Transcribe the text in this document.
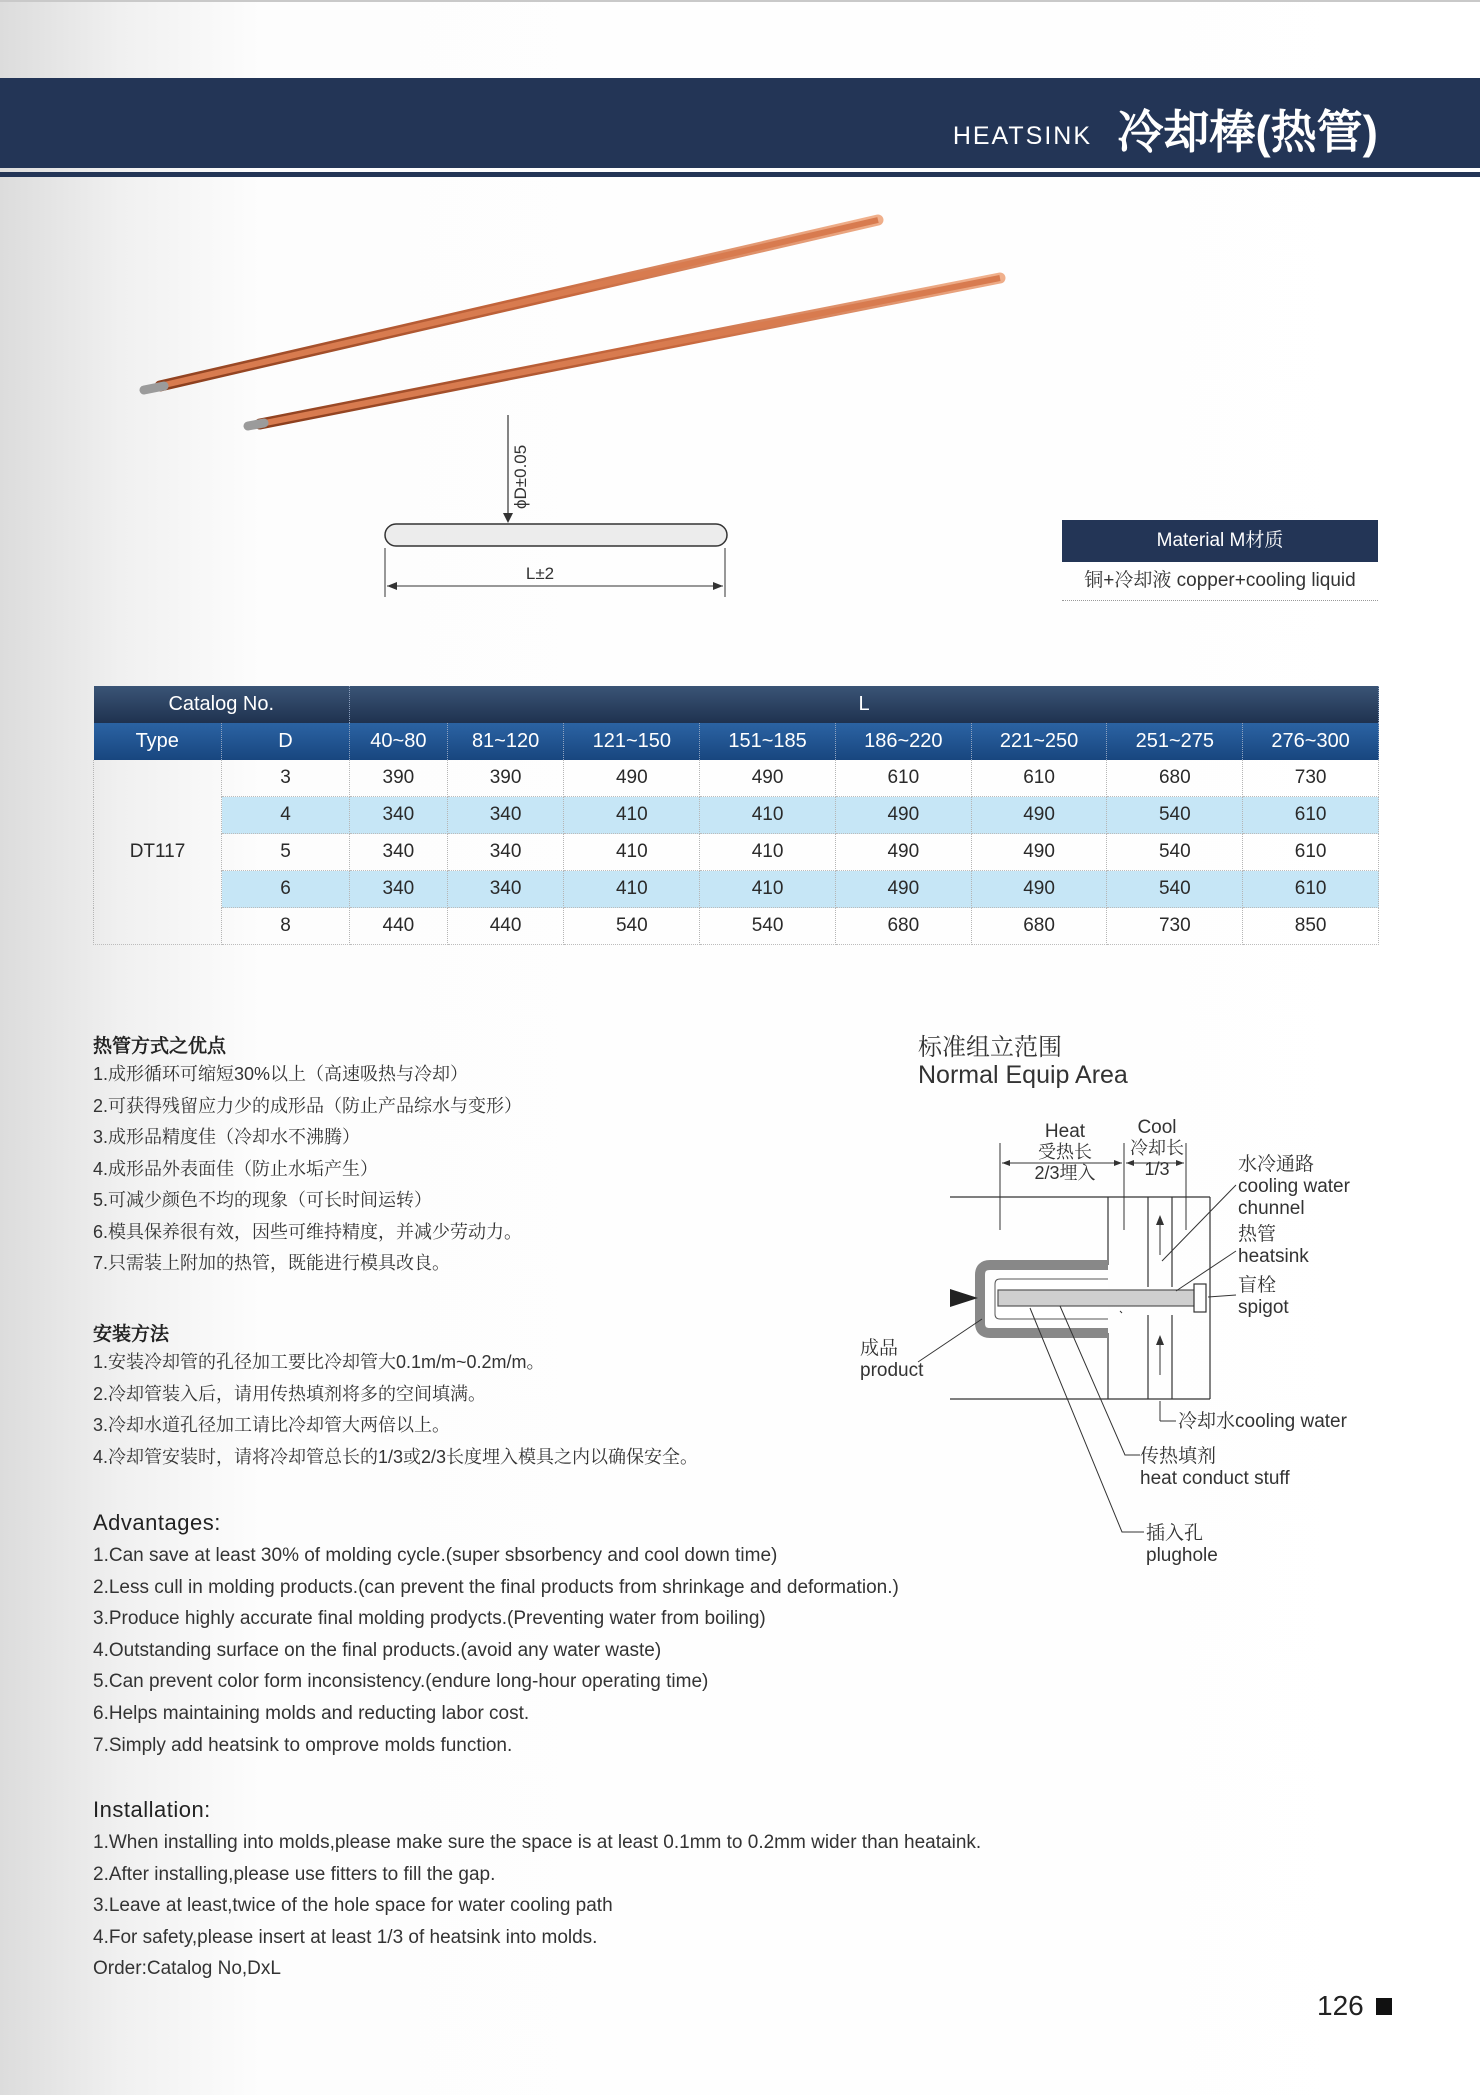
HEATSINK 冷却棒(热管)
ϕD±0.05
L±2
Material M材质
铜+冷却液 copper+cooling liquid
Catalog No.		L							
Type	D	40~80	81~120	121~150	151~185	186~220	221~250	251~275	276~300
DT117	3	390	390	490	490	610	610	680	730
	4	340	340	410	410	490	490	540	610
	5	340	340	410	410	490	490	540	610
	6	340	340	410	410	490	490	540	610
	8	440	440	540	540	680	680	730	850
热管方式之优点
1.成形循环可缩短30%以上（高速吸热与冷却）
2.可获得残留应力少的成形品（防止产品综水与变形）
3.成形品精度佳（冷却水不沸腾）
4.成形品外表面佳（防止水垢产生）
5.可减少颜色不均的现象（可长时间运转）
6.模具保养很有效，因些可维持精度，并减少劳动力。
7.只需装上附加的热管，既能进行模具改良。
安装方法
1.安装冷却管的孔径加工要比冷却管大0.1m/m~0.2m/m。
2.冷却管装入后，请用传热填剂将多的空间填满。
3.冷却水道孔径加工请比冷却管大两倍以上。
4.冷却管安装时，请将冷却管总长的1/3或2/3长度埋入模具之内以确保安全。
标准组立范围
Normal Equip Area
Heat
受热长
2/3埋入
Cool
冷却长
1/3	水冷通路
cooling water
chunnel
热管
heatsink
盲栓
spigot
成品
product
冷却水cooling water
传热填剂
heat conduct stuff
插入孔
plughole
Advantages:
1.Can save at least 30% of molding cycle.(super sbsorbency and cool down time)
2.Less cull in molding products.(can prevent the final products from shrinkage and deformation.)
3.Produce highly accurate final molding prodycts.(Preventing water from boiling)
4.Outstanding surface on the final products.(avoid any water waste)
5.Can prevent color form inconsistency.(endure long-hour operating time)
6.Helps maintaining molds and reducting labor cost.
7.Simply add heatsink to omprove molds function.
Installation:
1.When installing into molds,please make sure the space is at least 0.1mm to 0.2mm wider than heataink.
2.After installing,please use fitters to fill the gap.
3.Leave at least,twice of the hole space for water cooling path
4.For safety,please insert at least 1/3 of heatsink into molds.
Order:Catalog No,DxL
126
